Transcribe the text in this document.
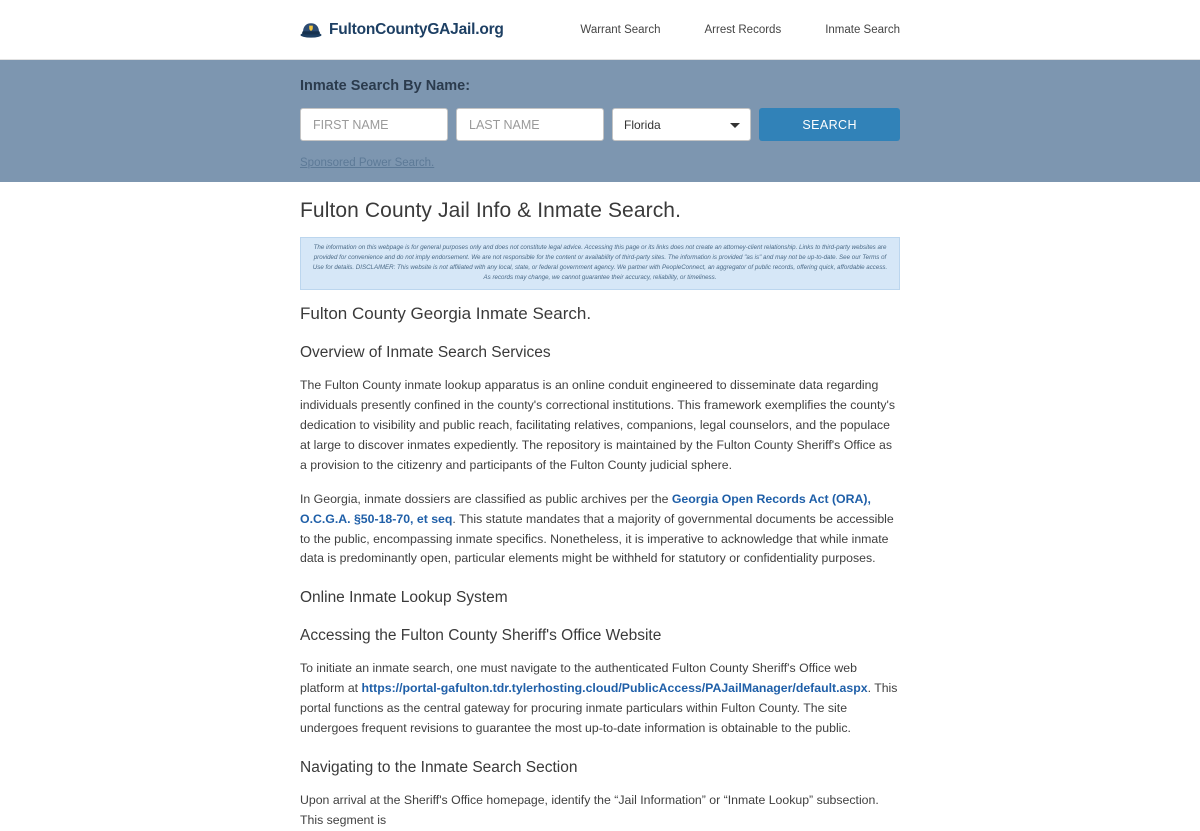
FultonCountyGAJail.org	Warrant Search	Arrest Records	Inmate Search
Inmate Search By Name:
FIRST NAME
LAST NAME
Florida
SEARCH
Sponsored Power Search.
Fulton County Jail Info & Inmate Search.

The information on this webpage is for general purposes only and does not constitute legal advice. Accessing this page or its links does not create an attorney-client relationship. Links to third-party websites are provided for convenience and do not imply endorsement. We are not responsible for the content or availability of third-party sites. The information is provided "as is" and may not be up-to-date. See our Terms of Use for details. DISCLAIMER: This website is not affiliated with any local, state, or federal government agency. We partner with PeopleConnect, an aggregator of public records, offering quick, affordable access. As records may change, we cannot guarantee their accuracy, reliability, or timeliness.

Fulton County Georgia Inmate Search.
Overview of Inmate Search Services

The Fulton County inmate lookup apparatus is an online conduit engineered to disseminate data regarding individuals presently confined in the county's correctional institutions. This framework exemplifies the county's dedication to visibility and public reach, facilitating relatives, companions, legal counselors, and the populace at large to discover inmates expediently. The repository is maintained by the Fulton County Sheriff's Office as a provision to the citizenry and participants of the Fulton County judicial sphere.

In Georgia, inmate dossiers are classified as public archives per the Georgia Open Records Act (ORA), O.C.G.A. §50-18-70, et seq. This statute mandates that a majority of governmental documents be accessible to the public, encompassing inmate specifics. Nonetheless, it is imperative to acknowledge that while inmate data is predominantly open, particular elements might be withheld for statutory or confidentiality purposes.

Online Inmate Lookup System
Accessing the Fulton County Sheriff's Office Website

To initiate an inmate search, one must navigate to the authenticated Fulton County Sheriff's Office web platform at https://portal-gafulton.tdr.tylerhosting.cloud/PublicAccess/PAJailManager/default.aspx. This portal functions as the central gateway for procuring inmate particulars within Fulton County. The site undergoes frequent revisions to guarantee the most up-to-date information is obtainable to the public.

Navigating to the Inmate Search Section

Upon arrival at the Sheriff's Office homepage, identify the “Jail Information” or “Inmate Lookup” subsection. This segment is
